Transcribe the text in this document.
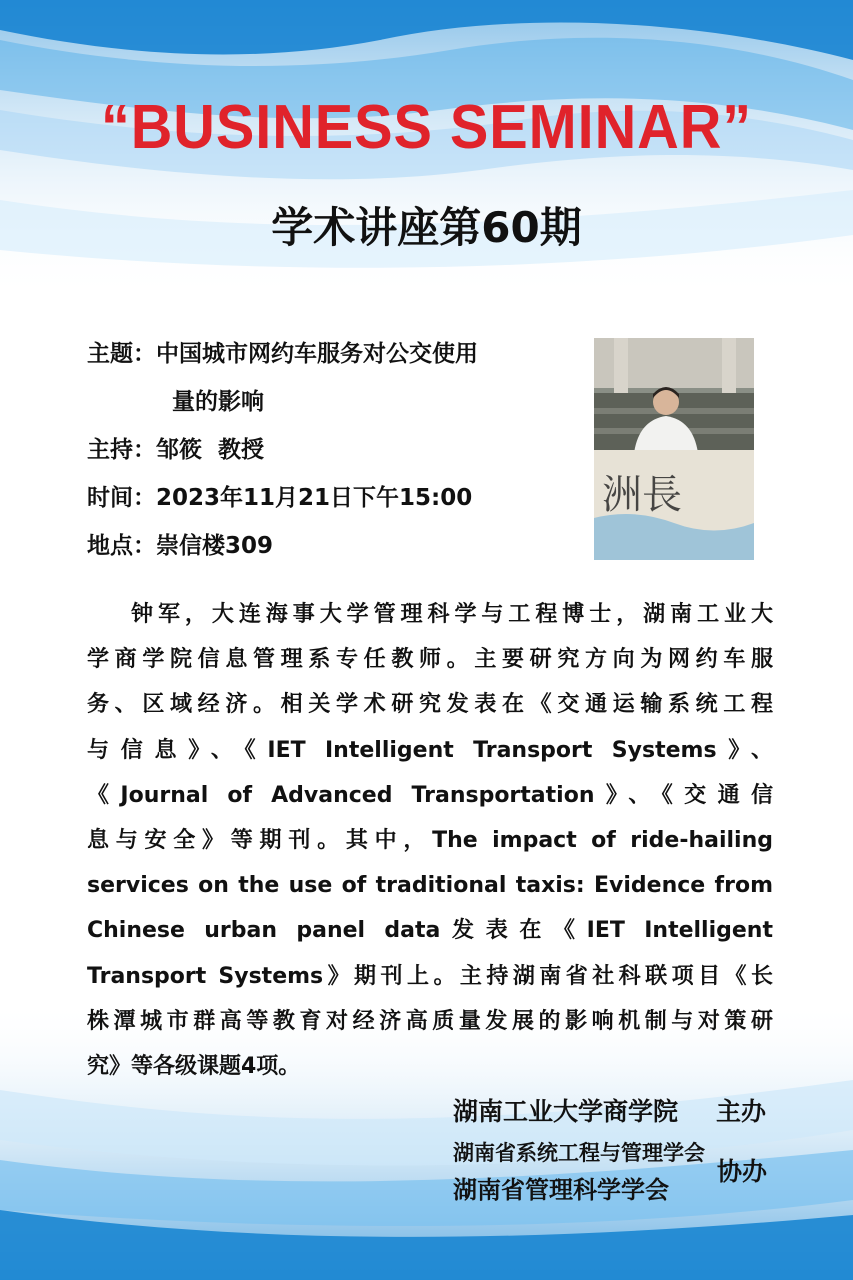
“BUSINESS SEMINAR”
学术讲座第60期
主题：中国城市网约车服务对公交使用
量的影响
主持：邹筱  教授
时间：2023年11月21日下午15:00
地点：崇信楼309
洲長
钟军，大连海事大学管理科学与工程博士，湖南工业大
学商学院信息管理系专任教师。主要研究方向为网约车服
务、区域经济。相关学术研究发表在《交通运输系统工程
与信息》、《IET Intelligent Transport Systems》、
《Journal of Advanced Transportation》、《交通信
息与安全》等期刊。其中，The impact of ride-hailing
services on the use of traditional taxis: Evidence from
Chinese urban panel data发表在《IET Intelligent
Transport Systems》期刊上。主持湖南省社科联项目《长
株潭城市群高等教育对经济高质量发展的影响机制与对策研
究》等各级课题4项。
湖南工业大学商学院 主办
湖南省系统工程与管理学会
湖南省管理科学学会
协办
